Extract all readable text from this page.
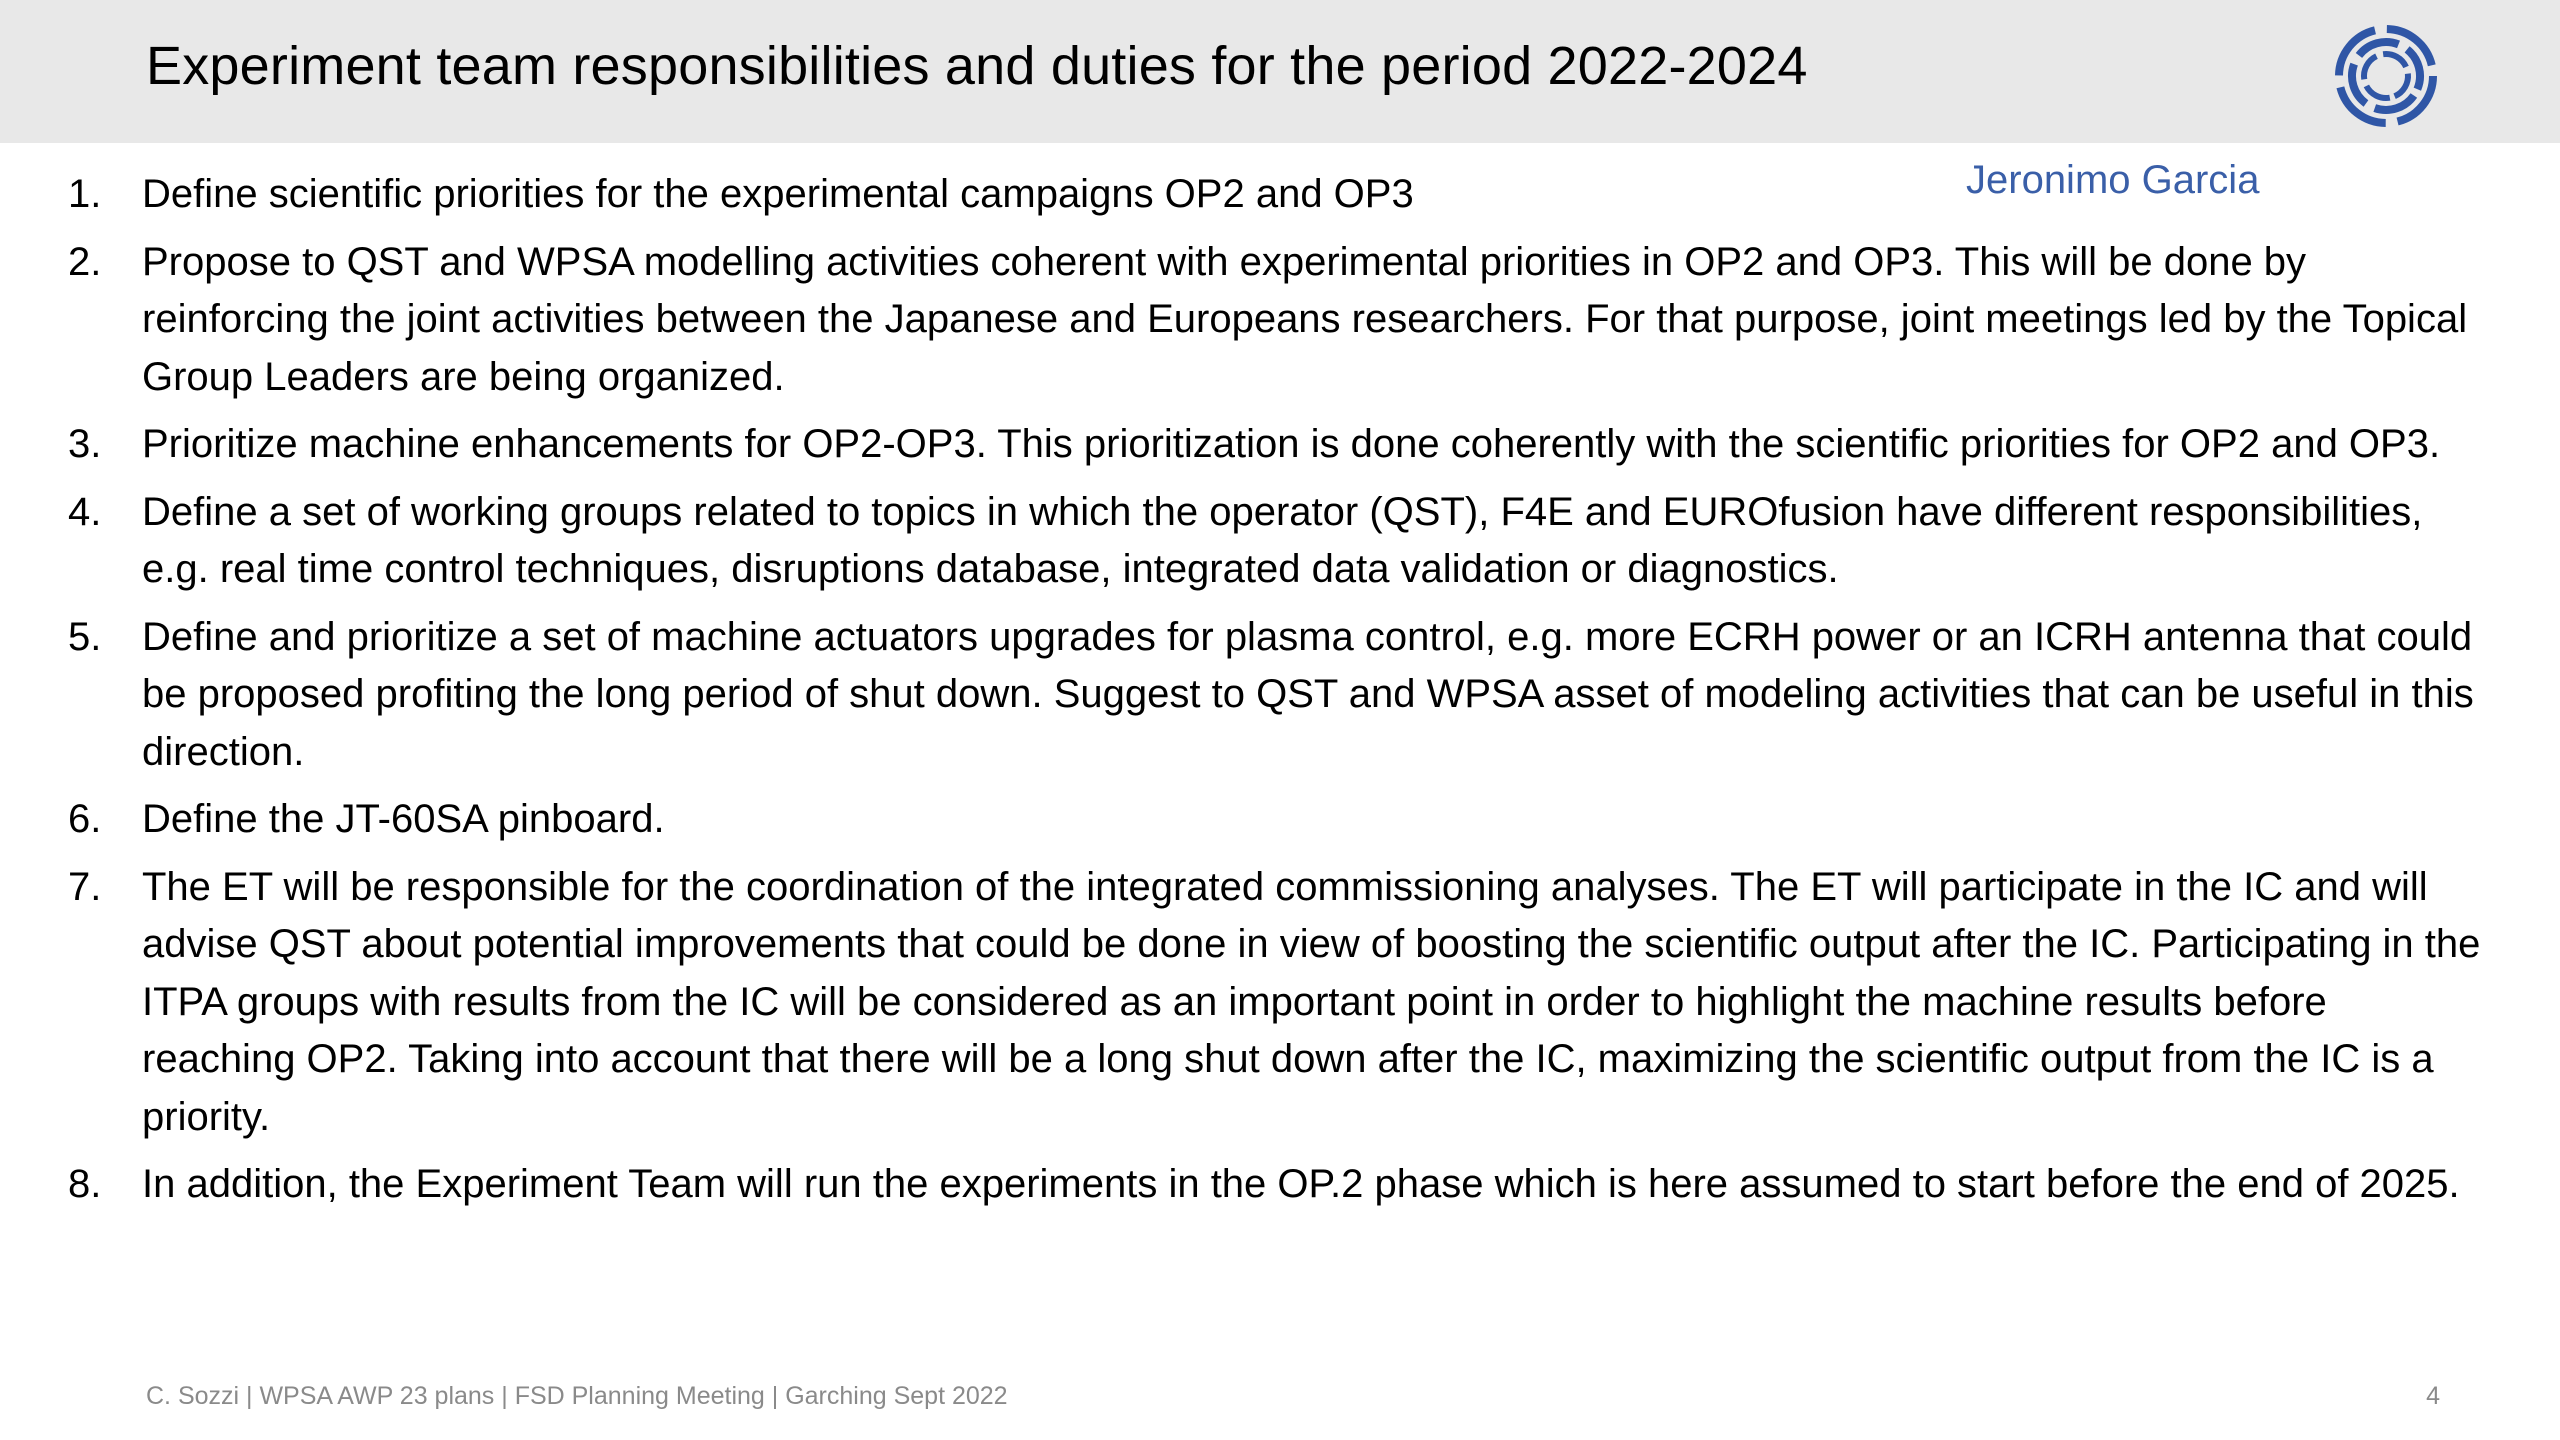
Experiment team responsibilities and duties for the period 2022-2024
Jeronimo Garcia
1. Define scientific priorities for the experimental campaigns OP2 and OP3
2. Propose to QST and WPSA modelling activities coherent with experimental priorities in OP2 and OP3. This will be done by reinforcing the joint activities between the Japanese and Europeans researchers. For that purpose, joint meetings led by the Topical Group Leaders are being organized.
3. Prioritize machine enhancements for OP2-OP3. This prioritization is done coherently with the scientific priorities for OP2 and OP3.
4. Define a set of working groups related to topics in which the operator (QST), F4E and EUROfusion have different responsibilities, e.g. real time control techniques, disruptions database, integrated data validation or diagnostics.
5. Define and prioritize a set of machine actuators upgrades for plasma control, e.g. more ECRH power or an ICRH antenna that could be proposed profiting the long period of shut down. Suggest to QST and WPSA asset of modeling activities that can be useful in this direction.
6. Define the JT-60SA pinboard.
7. The ET will be responsible for the coordination of the integrated commissioning analyses. The ET will participate in the IC and will advise QST about potential improvements that could be done in view of boosting the scientific output after the IC. Participating in the ITPA groups with results from the IC will be considered as an important point in order to highlight the machine results before reaching OP2. Taking into account that there will be a long shut down after the IC, maximizing the scientific output from the IC is a priority.
8. In addition, the Experiment Team will run the experiments in the OP.2 phase which is here assumed to start before the end of 2025.
C. Sozzi | WPSA AWP 23 plans | FSD Planning Meeting | Garching Sept 2022	4
